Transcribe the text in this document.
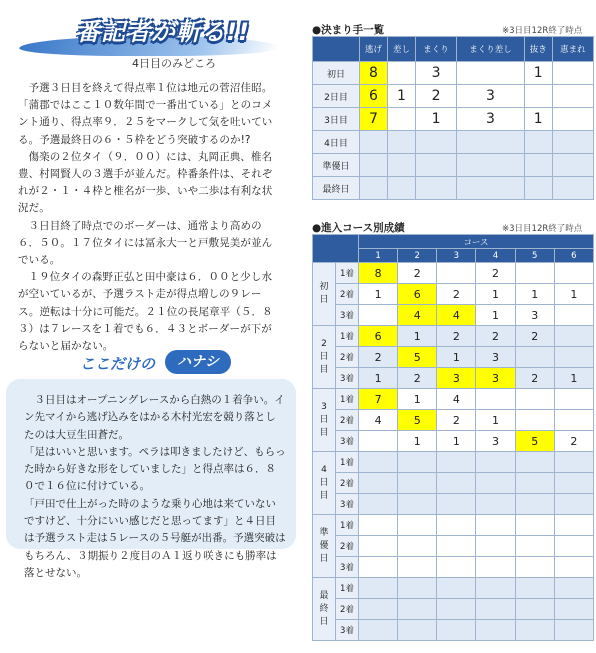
番記者が斬る!!
4日目のみどころ

予選３日目を終えて得点率１位は地元の菅沼佳昭。「蒲郡ではここ１０数年間で一番出ている」とのコメント通り、得点率９．２５をマークして気を吐いている。予選最終日の６・５枠をどう突破するのか!?

傷楽の２位タイ（９．００）には、丸岡正典、椎名豊、村岡賢人の３選手が並んだ。枠番条件は、それぞれが２・１・４枠と椎名が一歩、いや二歩は有利な状況だ。

３日目終了時点でのボーダーは、通常より高めの６．５０。１７位タイには冨永大一と戸敷晃美が並んでいる。

１９位タイの森野正弘と田中豪は６．００と少し水が空いているが、予選ラスト走が得点増しの９レース。逆転は十分に可能だ。２１位の長尾章平（５．８３）は７レースを１着でも６．４３とボーダーが下がらないと届かない。

ここだけの	ハナシ

３日目はオープニングレースから白熱の１着争い。イン先マイから逃げ込みをはかる木村光宏を競り落としたのは大豆生田蒼だ。

「足はいいと思います。ペラは叩きましたけど、もらった時から好きな形をしていました」と得点率は６．８０で１６位に付けている。

「戸田で仕上がった時のような乗り心地は来ていないですけど、十分にいい感じだと思ってます」と４日目は予選ラスト走は５レースの５号艇が出番。予選突破はもちろん、３期振り２度目のＡ１返り咲きにも勝率は落とせない。

●決まり手一覧	※3日目12R終了時点
	逃げ	差し	まくり	まくり差し	抜き	恵まれ
初日	8		3		1	
2日目	6	1	2	3		
3日目	7		1	3	1	
4日目						
準優日						
最終日						
●進入コース別成績	※3日目12R終了時点
		コース					
		1	2	3	4	5	6

初
日	1着	8	2		2		
	2着	1	6	2	1	1	1
	3着		4	4	1	3	

2
日
目	1着	6	1	2	2	2	
	2着	2	5	1	3		
	3着	1	2	3	3	2	1

3
日
目	1着	7	1	4			
	2着	4	5	2	1		
	3着		1	1	3	5	2

4
日
目	1着						
	2着						
	3着						

準
優
日	1着						
	2着						
	3着						

最
終
日	1着						
	2着						
	3着						
